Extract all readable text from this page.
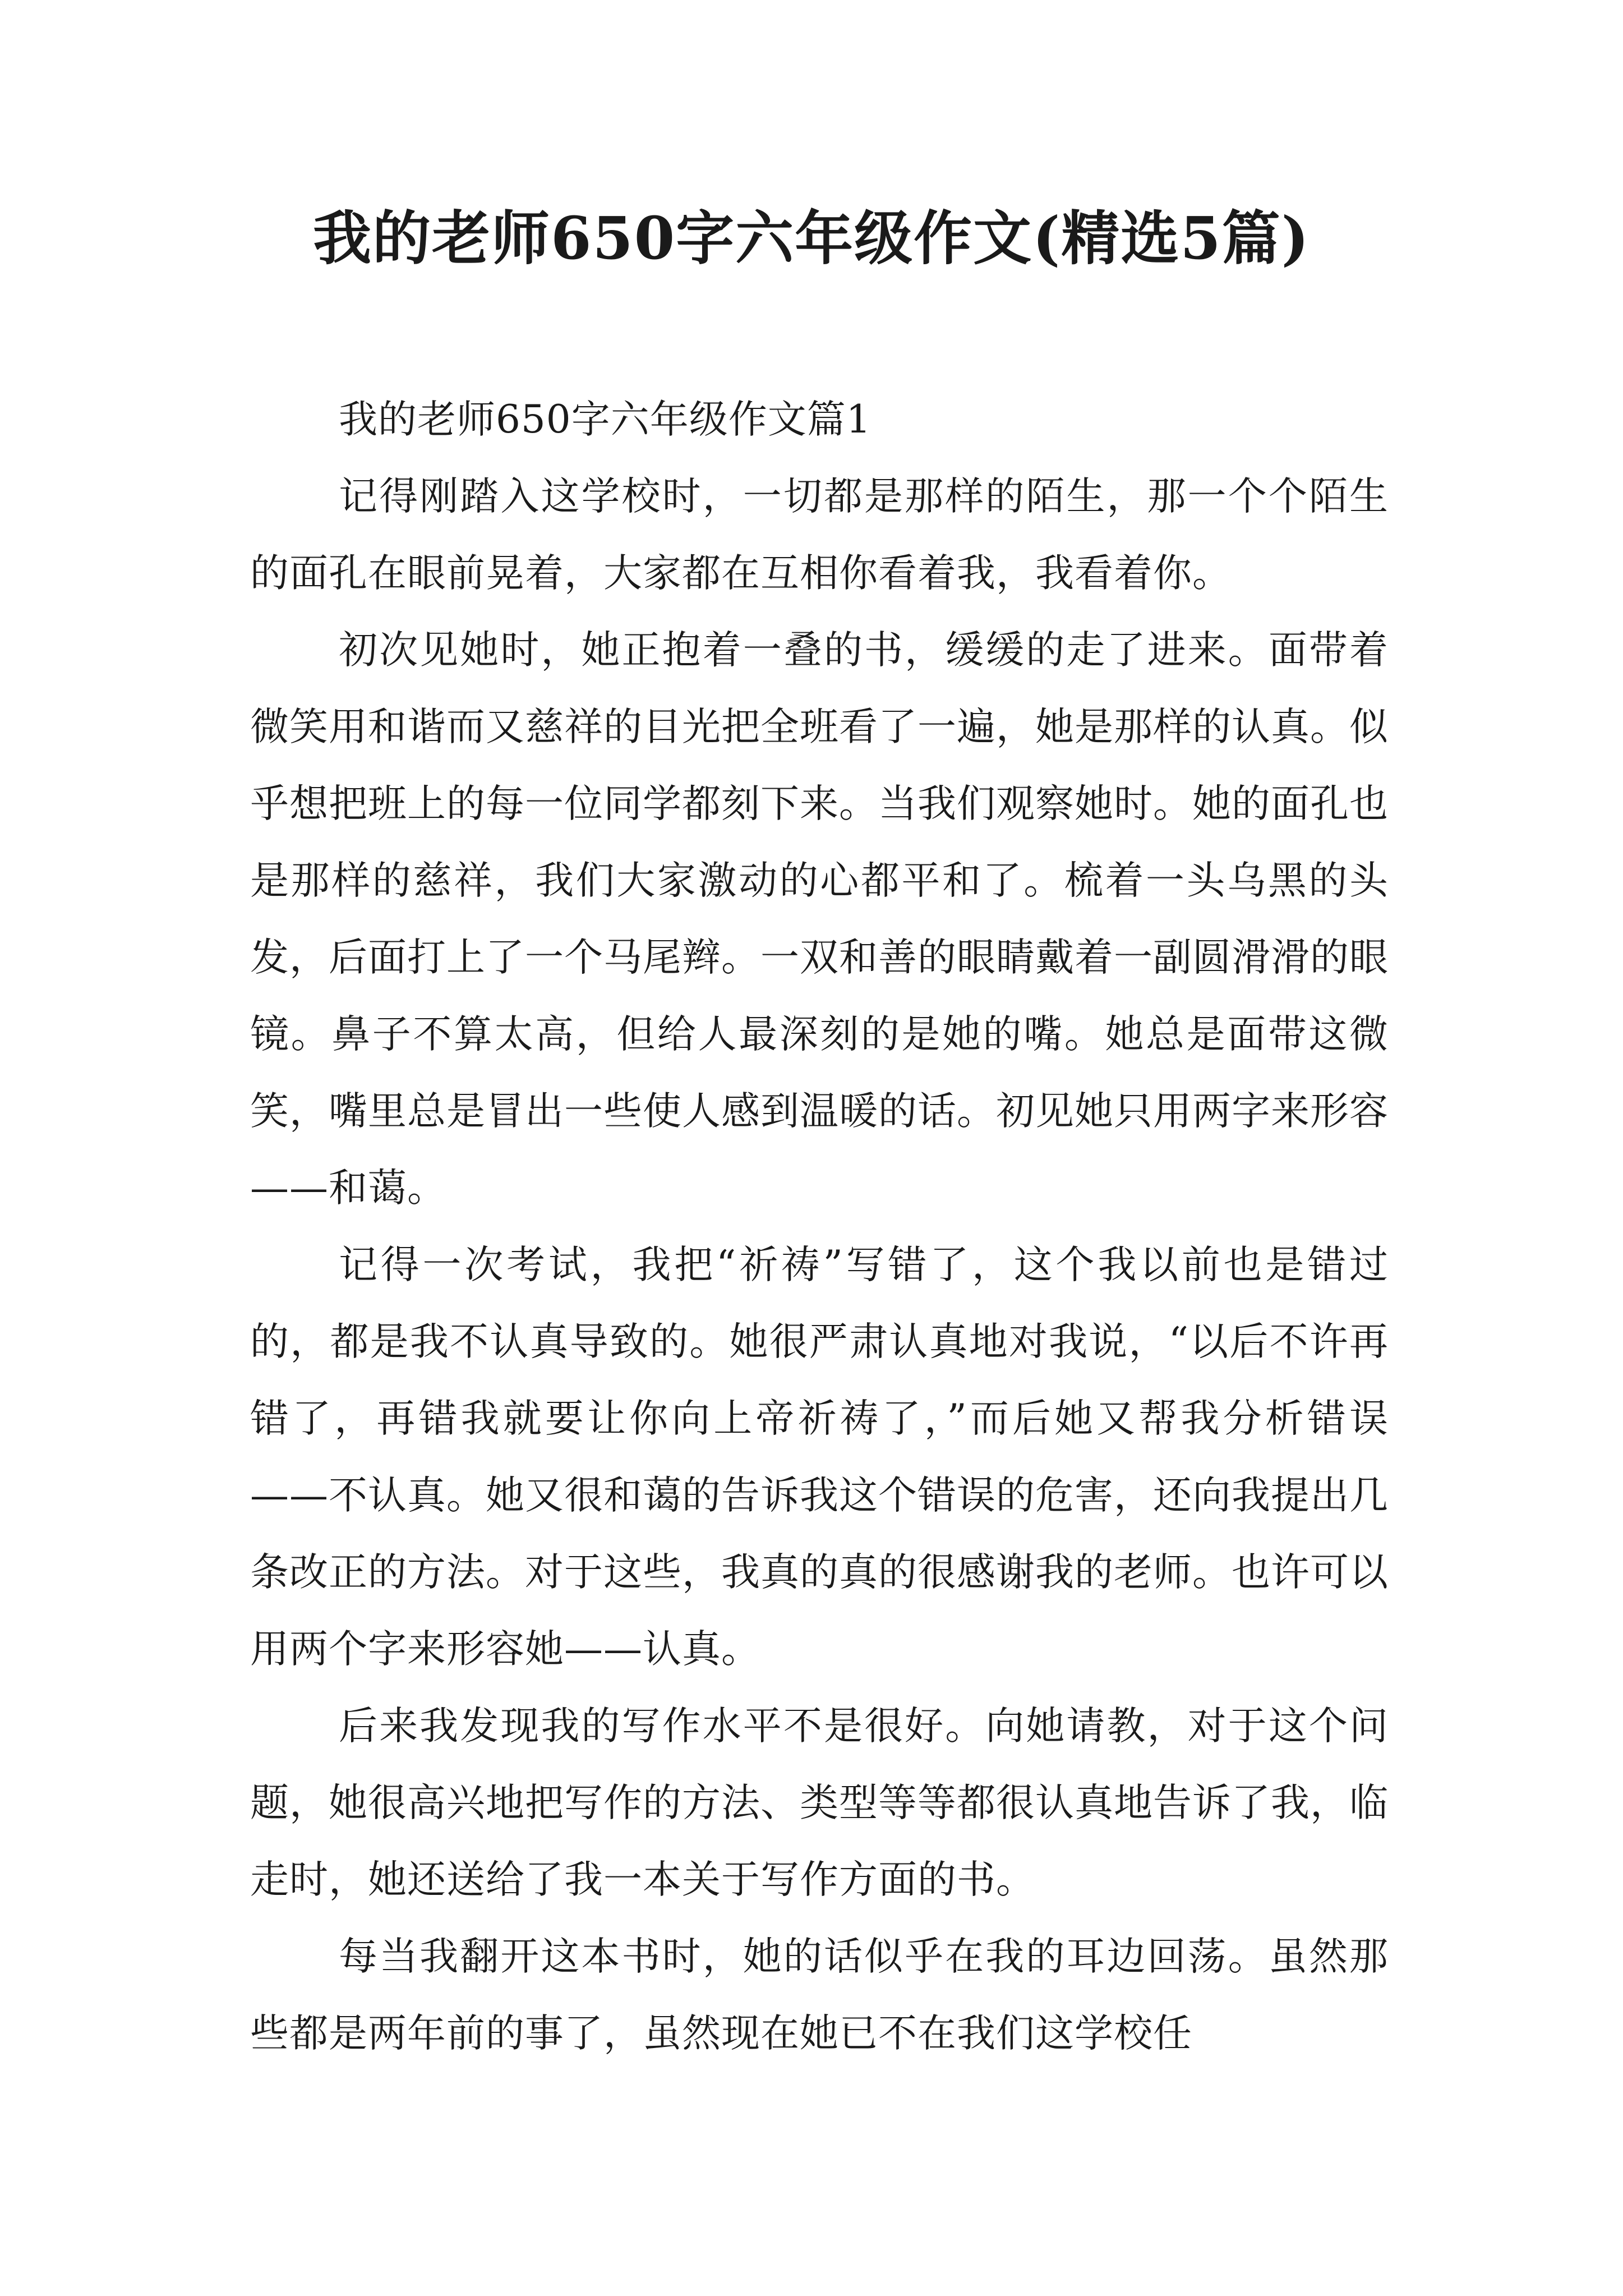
我的老师650字六年级作文(精选5篇)

我的老师650字六年级作文篇1

记得刚踏入这学校时，一切都是那样的陌生，那一个个陌生的面孔在眼前晃着，大家都在互相你看着我，我看着你。

初次见她时，她正抱着一叠的书，缓缓的走了进来。面带着微笑用和谐而又慈祥的目光把全班看了一遍，她是那样的认真。似乎想把班上的每一位同学都刻下来。当我们观察她时。她的面孔也是那样的慈祥，我们大家激动的心都平和了。梳着一头乌黑的头发，后面打上了一个马尾辫。一双和善的眼睛戴着一副圆滑滑的眼镜。鼻子不算太高，但给人最深刻的是她的嘴。她总是面带这微笑，嘴里总是冒出一些使人感到温暖的话。初见她只用两字来形容——和蔼。

记得一次考试，我把“祈祷”写错了，这个我以前也是错过的，都是我不认真导致的。她很严肃认真地对我说，“以后不许再错了，再错我就要让你向上帝祈祷了，”而后她又帮我分析错误——不认真。她又很和蔼的告诉我这个错误的危害，还向我提出几条改正的方法。对于这些，我真的真的很感谢我的老师。也许可以用两个字来形容她——认真。

后来我发现我的写作水平不是很好。向她请教，对于这个问题，她很高兴地把写作的方法、类型等等都很认真地告诉了我，临走时，她还送给了我一本关于写作方面的书。

每当我翻开这本书时，她的话似乎在我的耳边回荡。虽然那些都是两年前的事了，虽然现在她已不在我们这学校任
